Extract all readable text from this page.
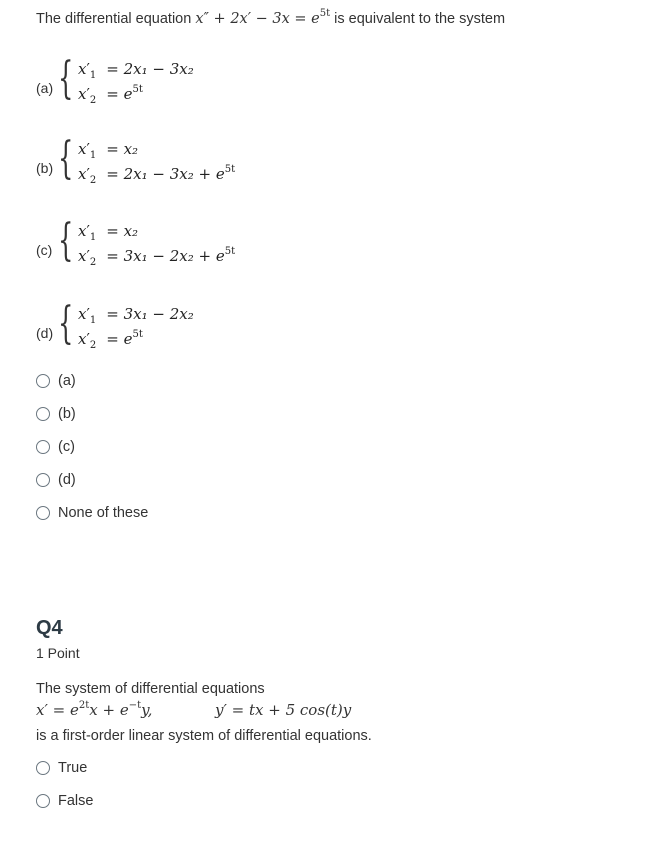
The differential equation $x'' + 2x' - 3x = e^{5t}$ is equivalent to the system
(a) { $x'_1 = 2x_1 - 3x_2$
$x'_2 = e^{5t}$
(b) { $x'_1 = x_2$
$x'_2 = 2x_1 - 3x_2 + e^{5t}$
(c) { $x'_1 = x_2$
$x'_2 = 3x_1 - 2x_2 + e^{5t}$
(d) { $x'_1 = 3x_1 - 2x_2$
$x'_2 = e^{5t}$
(a)
(b)
(c)
(d)
None of these
Q4
1 Point
The system of differential equations
$x' = e^{2t}x + e^{-t}y$,	y′ = tx + 5 cos(t)y
is a first-order linear system of differential equations.
True
False
